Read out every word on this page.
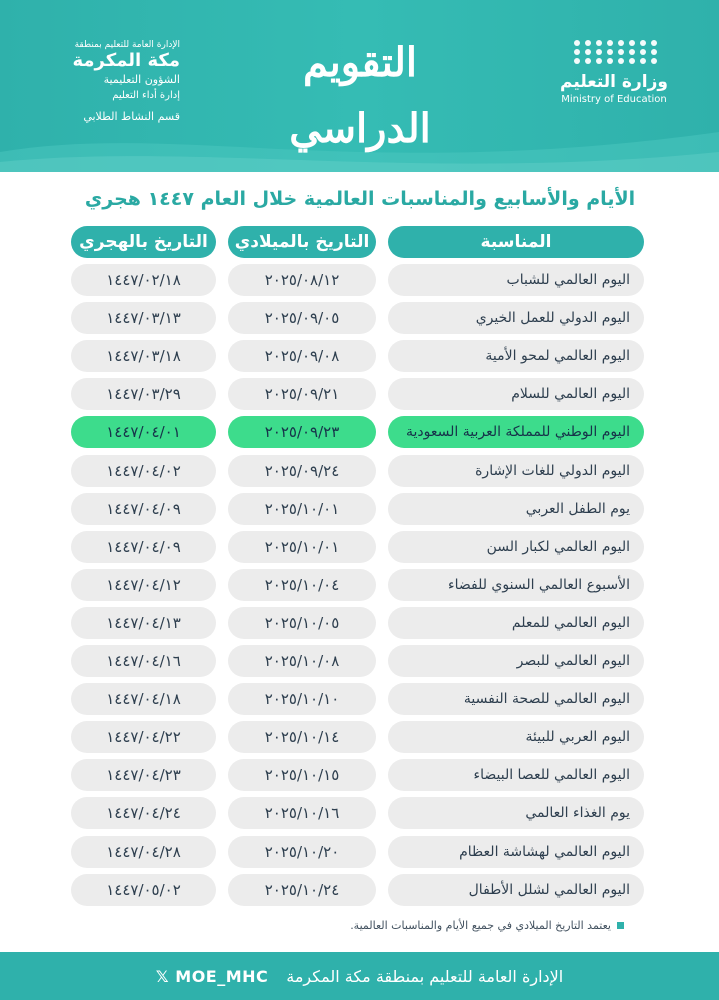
وزارة التعليم
Ministry of Education
التقويم الدراسي
١٤٤٧ - ١٤٤٨
الإدارة العامة للتعليم بمنطقة
مكة المكرمة
الشؤون التعليمية
إدارة أداء التعليم
قسم النشاط الطلابي
الأيام والأسابيع والمناسبات العالمية خلال العام ١٤٤٧ هجري
المناسبة
التاريخ بالميلادي
التاريخ بالهجري
اليوم العالمي للشباب
٢٠٢٥/٠٨/١٢
١٤٤٧/٠٢/١٨
اليوم الدولي للعمل الخيري
٢٠٢٥/٠٩/٠٥
١٤٤٧/٠٣/١٣
اليوم العالمي لمحو الأمية
٢٠٢٥/٠٩/٠٨
١٤٤٧/٠٣/١٨
اليوم العالمي للسلام
٢٠٢٥/٠٩/٢١
١٤٤٧/٠٣/٢٩
اليوم الوطني للمملكة العربية السعودية
٢٠٢٥/٠٩/٢٣
١٤٤٧/٠٤/٠١
اليوم الدولي للغات الإشارة
٢٠٢٥/٠٩/٢٤
١٤٤٧/٠٤/٠٢
يوم الطفل العربي
٢٠٢٥/١٠/٠١
١٤٤٧/٠٤/٠٩
اليوم العالمي لكبار السن
٢٠٢٥/١٠/٠١
١٤٤٧/٠٤/٠٩
الأسبوع العالمي السنوي للفضاء
٢٠٢٥/١٠/٠٤
١٤٤٧/٠٤/١٢
اليوم العالمي للمعلم
٢٠٢٥/١٠/٠٥
١٤٤٧/٠٤/١٣
اليوم العالمي للبصر
٢٠٢٥/١٠/٠٨
١٤٤٧/٠٤/١٦
اليوم العالمي للصحة النفسية
٢٠٢٥/١٠/١٠
١٤٤٧/٠٤/١٨
اليوم العربي للبيئة
٢٠٢٥/١٠/١٤
١٤٤٧/٠٤/٢٢
اليوم العالمي للعصا البيضاء
٢٠٢٥/١٠/١٥
١٤٤٧/٠٤/٢٣
يوم الغذاء العالمي
٢٠٢٥/١٠/١٦
١٤٤٧/٠٤/٢٤
اليوم العالمي لهشاشة العظام
٢٠٢٥/١٠/٢٠
١٤٤٧/٠٤/٢٨
اليوم العالمي لشلل الأطفال
٢٠٢٥/١٠/٢٤
١٤٤٧/٠٥/٠٢
يعتمد التاريخ الميلادي في جميع الأيام والمناسبات العالمية.
الإدارة العامة للتعليم بمنطقة مكة المكرمة
𝕏 MOE_MHC
